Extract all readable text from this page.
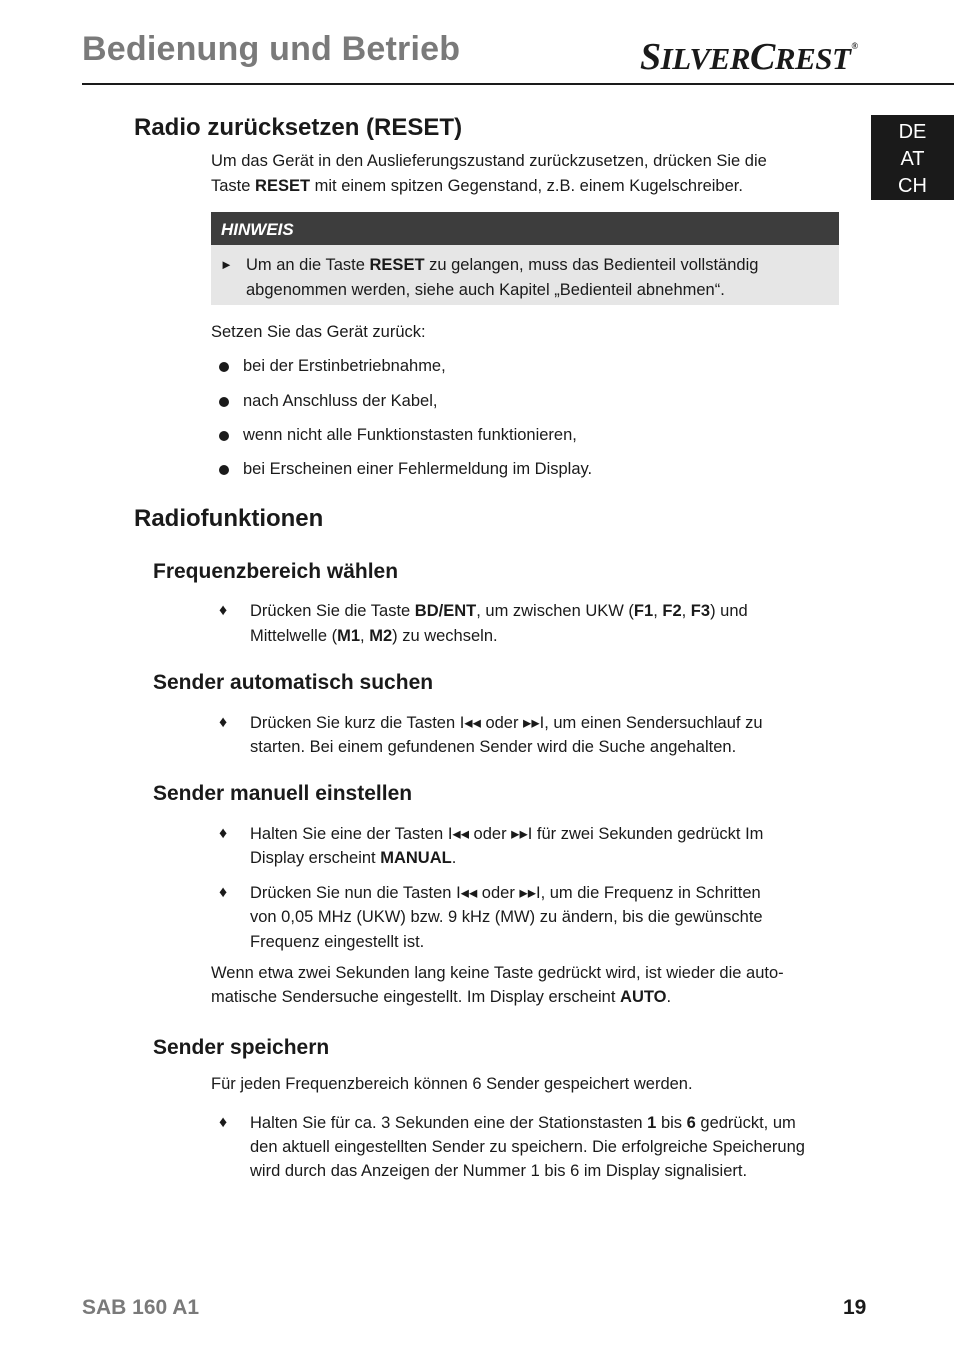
Bedienung und Betrieb	SILVERCREST®
DE
AT
CH
Radio zurücksetzen (RESET)
Um das Gerät in den Auslieferungszustand zurückzusetzen, drücken Sie die
Taste RESET mit einem spitzen Gegenstand, z.B. einem Kugelschreiber.
HINWEIS
► Um an die Taste RESET zu gelangen, muss das Bedienteil vollständig
abgenommen werden, siehe auch Kapitel „Bedienteil abnehmen“.
Setzen Sie das Gerät zurück:
bei der Erstinbetriebnahme,
nach Anschluss der Kabel,
wenn nicht alle Funktionstasten funktionieren,
bei Erscheinen einer Fehlermeldung im Display.
Radiofunktionen
Frequenzbereich wählen
♦ Drücken Sie die Taste BD/ENT, um zwischen UKW (F1, F2, F3) und
Mittelwelle (M1, M2) zu wechseln.
Sender automatisch suchen
♦ Drücken Sie kurz die Tasten I◂◂ oder ▸▸I, um einen Sendersuchlauf zu
starten. Bei einem gefundenen Sender wird die Suche angehalten.
Sender manuell einstellen
♦ Halten Sie eine der Tasten I◂◂ oder ▸▸I für zwei Sekunden gedrückt Im
Display erscheint MANUAL.
♦ Drücken Sie nun die Tasten I◂◂ oder ▸▸I, um die Frequenz in Schritten
von 0,05 MHz (UKW) bzw. 9 kHz (MW) zu ändern, bis die gewünschte
Frequenz eingestellt ist.
Wenn etwa zwei Sekunden lang keine Taste gedrückt wird, ist wieder die auto-
matische Sendersuche eingestellt. Im Display erscheint AUTO.
Sender speichern
Für jeden Frequenzbereich können 6 Sender gespeichert werden.
♦ Halten Sie für ca. 3 Sekunden eine der Stationstasten 1 bis 6 gedrückt, um
den aktuell eingestellten Sender zu speichern. Die erfolgreiche Speicherung
wird durch das Anzeigen der Nummer 1 bis 6 im Display signalisiert.
SAB 160 A1	19
